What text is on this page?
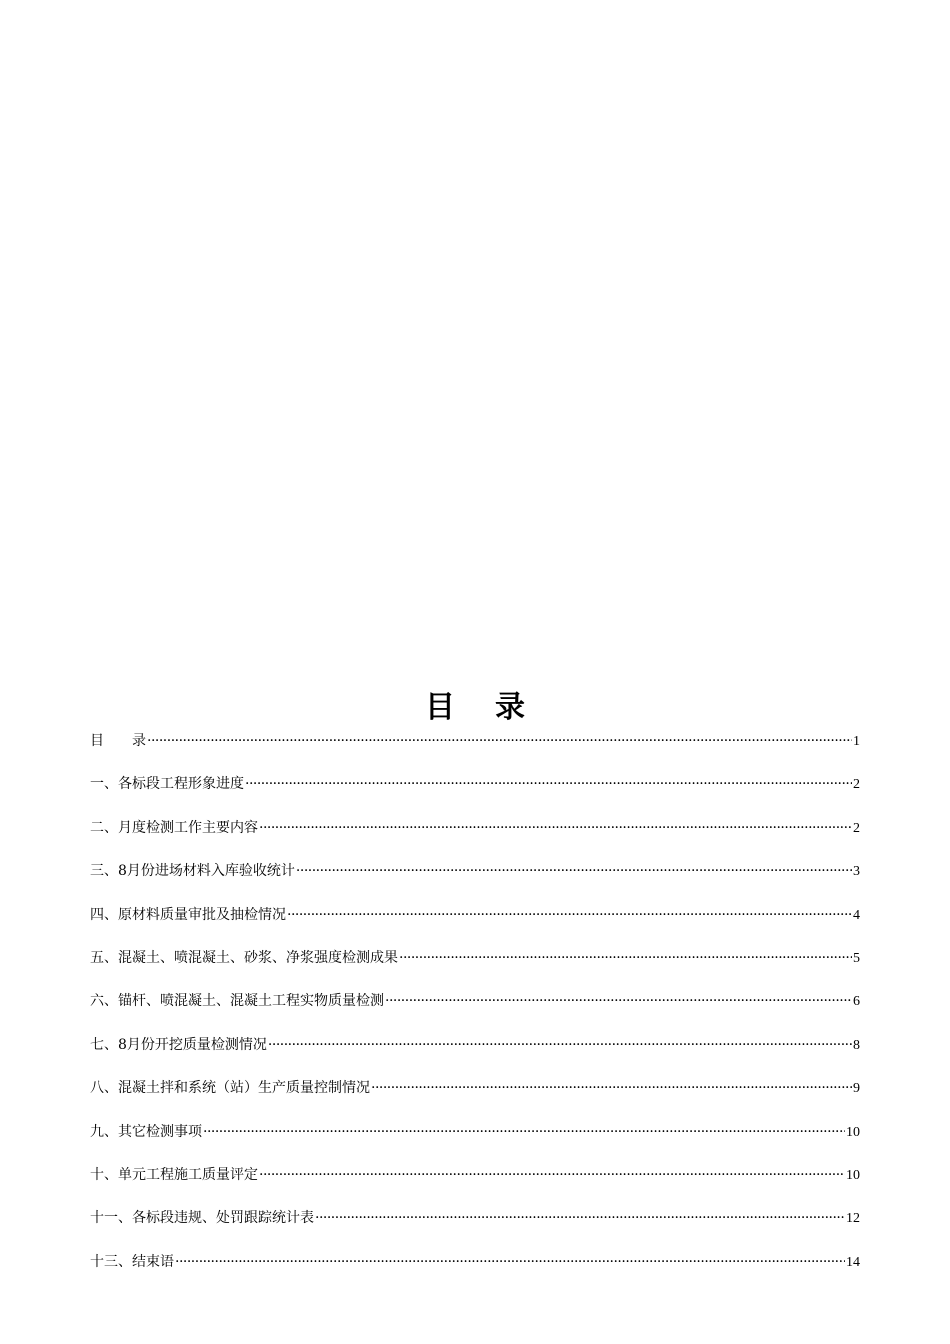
目 录
目　　录 ·····	1
一、各标段工程形象进度 ·····	2
二、月度检测工作主要内容 ·····	2
三、8月份进场材料入库验收统计 ·····	3
四、原材料质量审批及抽检情况 ·····	4
五、混凝土、喷混凝土、砂浆、净浆强度检测成果 ·····	5
六、锚杆、喷混凝土、混凝土工程实物质量检测 ·····	6
七、8月份开挖质量检测情况 ·····	8
八、混凝土拌和系统（站）生产质量控制情况 ·····	9
九、其它检测事项 ·····	10
十、单元工程施工质量评定 ·····	10
十一、各标段违规、处罚跟踪统计表 ·····	12
十三、结束语 ·····	14
